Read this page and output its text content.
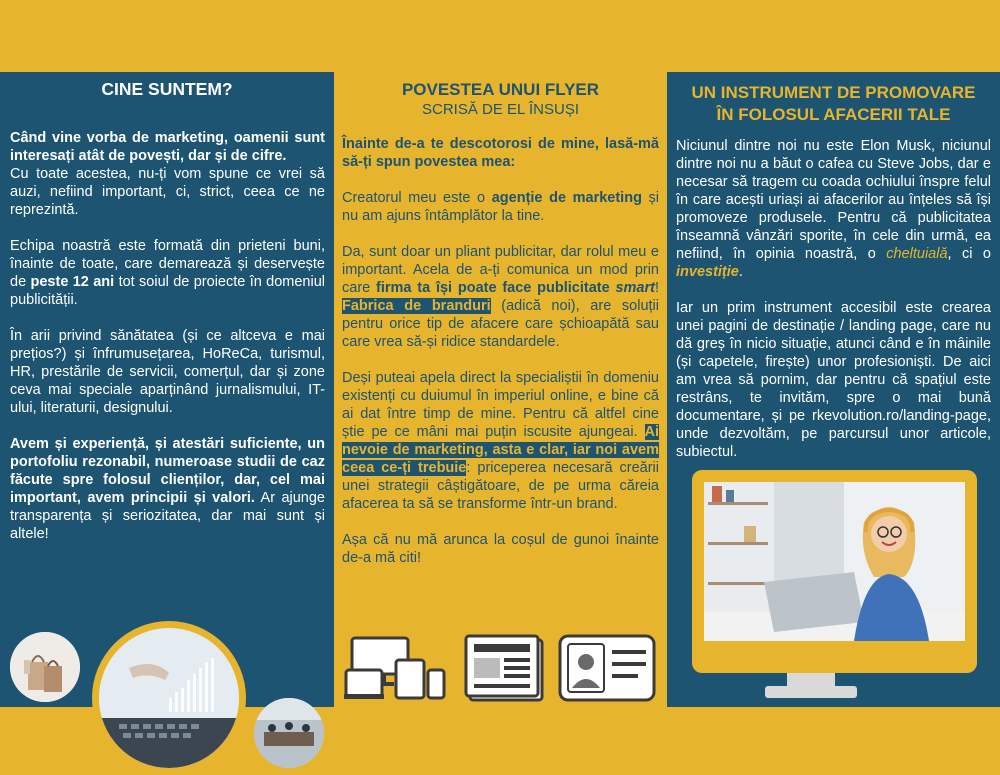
CINE SUNTEM?

Când vine vorba de marketing, oamenii sunt interesați atât de povești, dar și de cifre.
Cu toate acestea, nu-ți vom spune ce vrei să auzi, nefiind important, ci, strict, ceea ce ne reprezintă.

Echipa noastră este formată din prieteni buni, înainte de toate, care demarează și deservește de peste 12 ani tot soiul de proiecte în domeniul publicității.

În arii privind sănătatea (și ce altceva e mai prețios?) și înfrumusețarea, HoReCa, turismul, HR, prestările de servicii, comerțul, dar și zone ceva mai speciale aparținând jurnalismului, IT-ului, literaturii, designului.

Avem și experiență, și atestări suficiente, un portofoliu rezonabil, numeroase studii de caz făcute spre folosul clienților, dar, cel mai important, avem principii și valori. Ar ajunge transparența și seriozitatea, dar mai sunt și altele!

POVESTEA UNUI FLYER
SCRISĂ DE EL ÎNSUȘI

Înainte de-a te descotorosi de mine, lasă-mă să-ți spun povestea mea:

Creatorul meu este o agenție de marketing și nu am ajuns întâmplător la tine.

Da, sunt doar un pliant publicitar, dar rolul meu e important. Acela de a-ți comunica un mod prin care firma ta își poate face publicitate smart! Fabrica de branduri (adică noi), are soluții pentru orice tip de afacere care șchioapătă sau care vrea să-și ridice standardele.

Deși puteai apela direct la specialiștii în domeniu existenți cu duiumul în imperiul online, e bine că ai dat între timp de mine. Pentru că altfel cine știe pe ce mâni mai puțin iscusite ajungeai. Ai nevoie de marketing, asta e clar, iar noi avem ceea ce-ți trebuie: priceperea necesară creării unei strategii câștigătoare, de pe urma căreia afacerea ta să se transforme într-un brand.

Așa că nu mă arunca la coșul de gunoi înainte de-a mă citi!

UN INSTRUMENT DE PROMOVARE
ÎN FOLOSUL AFACERII TALE

Niciunul dintre noi nu este Elon Musk, niciunul dintre noi nu a băut o cafea cu Steve Jobs, dar e necesar să tragem cu coada ochiului înspre felul în care acești uriași ai afacerilor au înțeles să își promoveze produsele. Pentru că publicitatea înseamnă vânzări sporite, în cele din urmă, ea nefiind, în opinia noastră, o cheltuială, ci o investiție.

Iar un prim instrument accesibil este crearea unei pagini de destinație / landing page, care nu dă greș în nicio situație, atunci când e în mâinile (și capetele, firește) unor profesioniști. De aici am vrea să pornim, dar pentru că spațiul este restrâns, te invităm, spre o mai bună documentare, și pe rkevolution.ro/landing-page, unde dezvoltăm, pe parcursul unor articole, subiectul.
